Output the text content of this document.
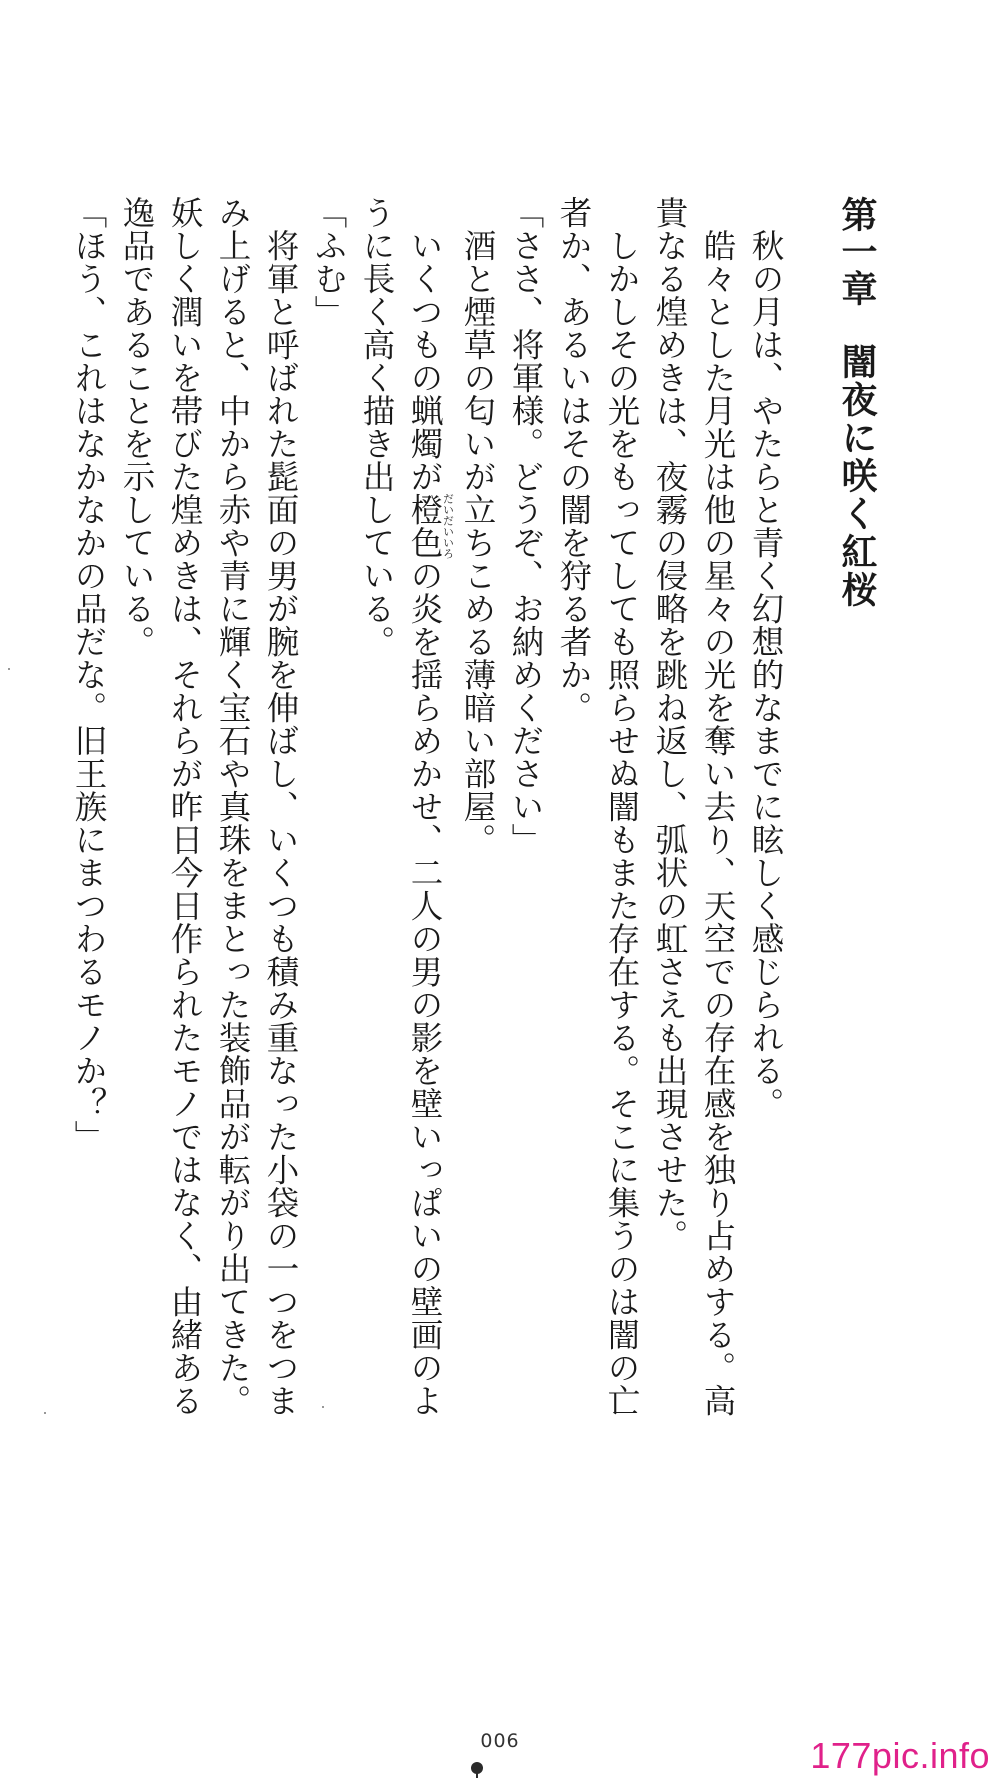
第一章闇夜に咲く紅桜

　秋の月は、やたらと青く幻想的なまでに眩しく感じられる。

　皓々とした月光は他の星々の光を奪い去り、天空での存在感を独り占めする。高貴なる煌めきは、夜霧の侵略を跳ね返し、弧状の虹さえも出現させた。

　しかしその光をもってしても照らせぬ闇もまた存在する。そこに集うのは闇の亡者か、あるいはその闇を狩る者か。

「ささ、将軍様。どうぞ、お納めください」

　酒と煙草の匂いが立ちこめる薄暗い部屋。

　いくつもの蝋燭が橙色だいだいいろの炎を揺らめかせ、二人の男の影を壁いっぱいの壁画のように長く高く描き出している。

「ふむ」

　将軍と呼ばれた髭面の男が腕を伸ばし、いくつも積み重なった小袋の一つをつまみ上げると、中から赤や青に輝く宝石や真珠をまとった装飾品が転がり出てきた。妖しく潤いを帯びた煌めきは、それらが昨日今日作られたモノではなく、由緒ある逸品であることを示している。

「ほう、これはなかなかの品だな。旧王族にまつわるモノか？」

006	177pic.info
